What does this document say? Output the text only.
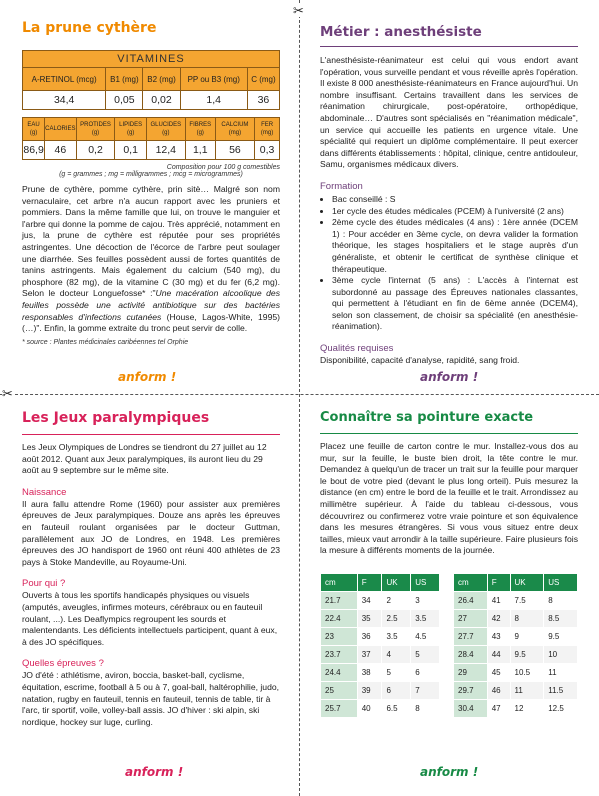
✂
✂
La prune cythère
VITAMINES				
A-RETINOL (mcg)	B1 (mg)	B2 (mg)	PP ou B3 (mg)	C (mg)
34,4	0,05	0,02	1,4	36
EAU (g)	CALORIES	PROTIDES (g)	LIPIDES (g)	GLUCIDES (g)	FIBRES (g)	CALCIUM (mg)	FER (mg)
86,9	46	0,2	0,1	12,4	1,1	56	0,3
Composition pour 100 g comestibles
(g = grammes ; mg = milligrammes ; mcg = microgrammes)

Prune de cythère, pomme cythère, prin sitè… Malgré son nom vernaculaire, cet arbre n'a aucun rapport avec les pruniers et pommiers. Dans la même famille que lui, on trouve le manguier et l'arbre qui donne la pomme de cajou. Très apprécié, notamment en jus, la prune de cythère est réputée pour ses propriétés astringentes. Une décoction de l'écorce de l'arbre peut soulager une diarrhée. Ses feuilles possèdent aussi de fortes quantités de tanins astringents. Mais également du calcium (540 mg), du phosphore (82 mg), de la vitamine C (30 mg) et du fer (6,2 mg). Selon le docteur Longuefosse* :"Une macération alcoolique des feuilles possède une activité antibiotique sur des bactéries responsables d'infections cutanées (House, Lagos-White, 1995) (…)". Enfin, la gomme extraite du tronc peut servir de colle.

* source : Plantes médicinales caribéennes tel Orphie
anform !
Métier : anesthésiste

L'anesthésiste-réanimateur est celui qui vous endort avant l'opération, vous surveille pendant et vous réveille après l'opération. Il existe 8 000 anesthésiste-réanimateurs en France aujourd'hui. Un nombre insuffisant. Certains travaillent dans les services de réanimation chirurgicale, post-opératoire, orthopédique, abdominale… D'autres sont spécialisés en "réanimation médicale", un service qui accueille les patients en urgence vitale. Une spécialité qui requiert un diplôme complémentaire. Il peut exercer dans différents établissements : hôpital, clinique, centre antidouleur, Samu, organismes médicaux divers.

Formation
• Bac conseillé : S
• 1er cycle des études médicales (PCEM) à l'université (2 ans)
• 2ème cycle des études médicales (4 ans) : 1ère année (DCEM 1) : Pour accéder en 3ème cycle, on devra valider la formation théorique, les stages hospitaliers et le stage auprès d'un généraliste, et obtenir le certificat de synthèse clinique et thérapeutique.
• 3ème cycle l'internat (5 ans) : L'accès à l'internat est subordonné au passage des Épreuves nationales classantes, qui permettent à l'étudiant en fin de 6ème année (DCEM4), selon son classement, de choisir sa spécialité (en anesthésie-réanimation).
Qualités requises

Disponibilité, capacité d'analyse, rapidité, sang froid.

anform !
Les Jeux paralympiques

Les Jeux Olympiques de Londres se tiendront du 27 juillet au 12 août 2012. Quant aux Jeux paralympiques, ils auront lieu du 29 août au 9 septembre sur le même site.

Naissance

Il aura fallu attendre Rome (1960) pour assister aux premières épreuves de Jeux paralympiques. Douze ans après les épreuves en fauteuil roulant organisées par le docteur Guttman, parallèlement aux JO de Londres, en 1948. Les premières épreuves des JO handisport de 1960 ont réuni 400 athlètes de 23 pays à Stoke Mandeville, au Royaume-Uni.

Pour qui ?

Ouverts à tous les sportifs handicapés physiques ou visuels (amputés, aveugles, infirmes moteurs, cérébraux ou en fauteuil roulant, ...). Les Deaflympics regroupent les sourds et malentendants. Les déficients intellectuels participent, quant à eux, à des JO spécifiques.

Quelles épreuves ?

JO d'été : athlétisme, aviron, boccia, basket-ball, cyclisme, équitation, escrime, football à 5 ou à 7, goal-ball, haltérophilie, judo, natation, rugby en fauteuil, tennis en fauteuil, tennis de table, tir à l'arc, tir sportif, voile, volley-ball assis. JO d'hiver : ski alpin, ski nordique, hockey sur luge, curling.

anform !
Connaître sa pointure exacte

Placez une feuille de carton contre le mur. Installez-vous dos au mur, sur la feuille, le buste bien droit, la tête contre le mur. Demandez à quelqu'un de tracer un trait sur la feuille pour marquer le bout de votre pied (devant le plus long orteil). Puis mesurez la distance (en cm) entre le bord de la feuille et le trait. Arrondissez au millimètre supérieur. À l'aide du tableau ci-dessous, vous découvrirez ou confirmerez votre vraie pointure et son équivalence dans les mesures étrangères. Si vous vous situez entre deux tailles, mieux vaut arrondir à la taille supérieure. Faire plusieurs fois la mesure à différents moments de la journée.

cm	F	UK	US
21.7	34	2	3
22.4	35	2.5	3.5
23	36	3.5	4.5
23.7	37	4	5
24.4	38	5	6
25	39	6	7
25.7	40	6.5	8
cm	F	UK	US
26.4	41	7.5	8
27	42	8	8.5
27.7	43	9	9.5
28.4	44	9.5	10
29	45	10.5	11
29.7	46	11	11.5
30.4	47	12	12.5
anform !
